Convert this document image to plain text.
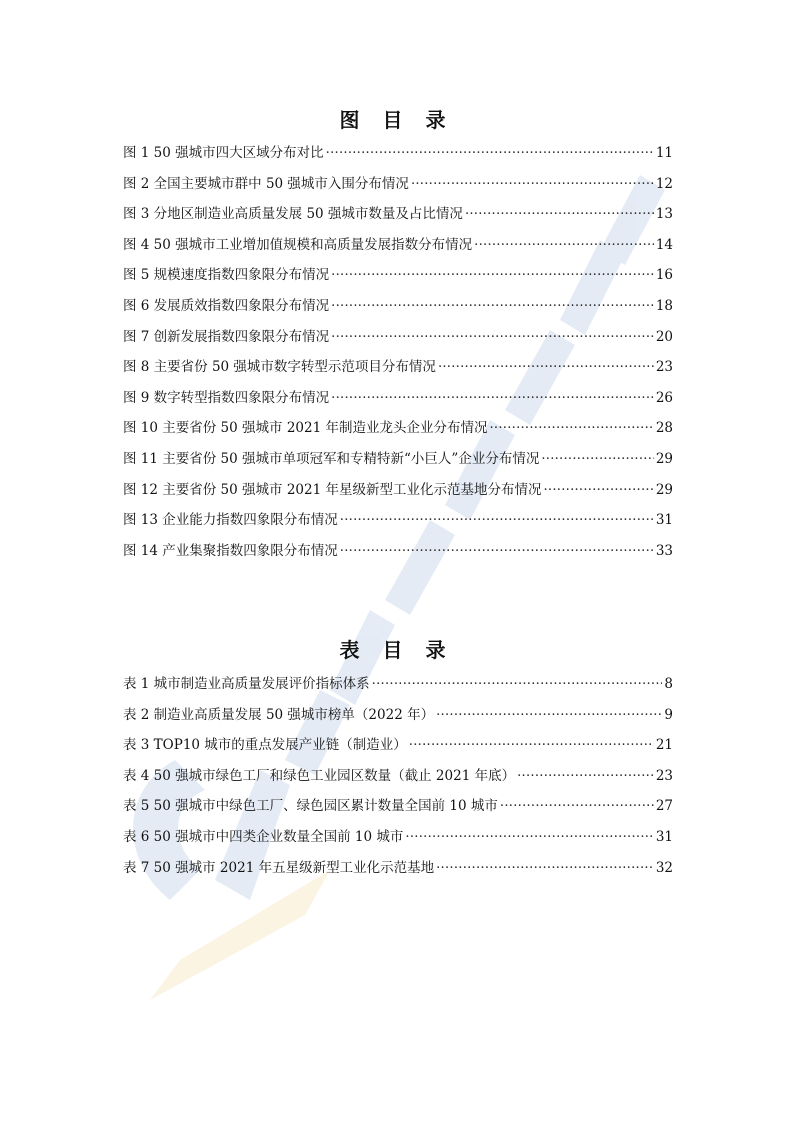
图 目 录
图 1 50 强城市四大区域分布对比 .....	11
图 2 全国主要城市群中 50 强城市入围分布情况 .....	12
图 3 分地区制造业高质量发展 50 强城市数量及占比情况 .....	13
图 4 50 强城市工业增加值规模和高质量发展指数分布情况 .....	14
图 5 规模速度指数四象限分布情况 .....	16
图 6 发展质效指数四象限分布情况 .....	18
图 7 创新发展指数四象限分布情况 .....	20
图 8 主要省份 50 强城市数字转型示范项目分布情况 .....	23
图 9 数字转型指数四象限分布情况 .....	26
图 10 主要省份 50 强城市 2021 年制造业龙头企业分布情况 .....	28
图 11 主要省份 50 强城市单项冠军和专精特新“小巨人”企业分布情况 .....	29
图 12 主要省份 50 强城市 2021 年星级新型工业化示范基地分布情况 .....	29
图 13 企业能力指数四象限分布情况 .....	31
图 14 产业集聚指数四象限分布情况 .....	33
表 目 录
表 1 城市制造业高质量发展评价指标体系 .....	8
表 2 制造业高质量发展 50 强城市榜单（2022 年） .....	9
表 3 TOP10 城市的重点发展产业链（制造业） .....	21
表 4 50 强城市绿色工厂和绿色工业园区数量（截止 2021 年底） .....	23
表 5 50 强城市中绿色工厂、绿色园区累计数量全国前 10 城市 .....	27
表 6 50 强城市中四类企业数量全国前 10 城市 .....	31
表 7 50 强城市 2021 年五星级新型工业化示范基地 .....	32
